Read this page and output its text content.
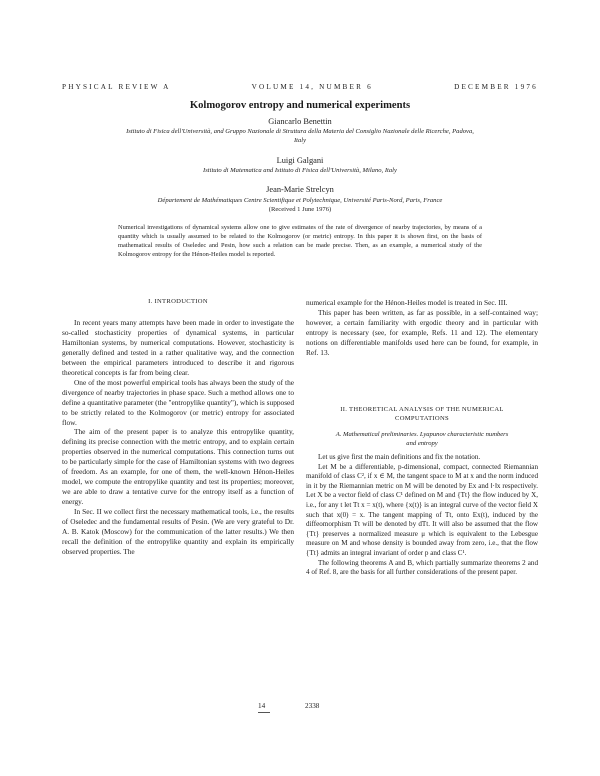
PHYSICAL REVIEW A	VOLUME 14, NUMBER 6	DECEMBER 1976
Kolmogorov entropy and numerical experiments
Giancarlo Benettin
Istituto di Fisica dell'Università, and Gruppo Nazionale di Struttura della Materia del Consiglio Nazionale delle Ricerche, Padova, Italy
Luigi Galgani
Istituto di Matematica and Istituto di Fisica dell'Università, Milano, Italy
Jean-Marie Strelcyn
Département de Mathématiques Centre Scientifique et Polytechnique, Université Paris-Nord, Paris, France
(Received 1 June 1976)
Numerical investigations of dynamical systems allow one to give estimates of the rate of divergence of nearby trajectories, by means of a quantity which is usually assumed to be related to the Kolmogorov (or metric) entropy. In this paper it is shown first, on the basis of mathematical results of Oseledec and Pesin, how such a relation can be made precise. Then, as an example, a numerical study of the Kolmogorov entropy for the Hénon-Heiles model is reported.
I. INTRODUCTION

In recent years many attempts have been made in order to investigate the so-called stochasticity properties of dynamical systems, in particular Hamiltonian systems, by numerical computations. However, stochasticity is generally defined and tested in a rather qualitative way, and the connection between the empirical parameters introduced to describe it and rigorous theoretical concepts is far from being clear.

One of the most powerful empirical tools has always been the study of the divergence of nearby trajectories in phase space. Such a method allows one to define a quantitative parameter (the "entropylike quantity"), which is supposed to be strictly related to the Kolmogorov (or metric) entropy for associated flow.

The aim of the present paper is to analyze this entropylike quantity, defining its precise connection with the metric entropy, and to explain certain properties observed in the numerical computations. This connection turns out to be particularly simple for the case of Hamiltonian systems with two degrees of freedom. As an example, for one of them, the well-known Hénon-Heiles model, we compute the entropylike quantity and test its properties; moreover, we are able to draw a tentative curve for the entropy itself as a function of energy.

In Sec. II we collect first the necessary mathematical tools, i.e., the results of Oseledec and the fundamental results of Pesin. (We are very grateful to Dr. A. B. Katok (Moscow) for the communication of the latter results.) We then recall the definition of the entropylike quantity and explain its empirically observed properties. The

numerical example for the Hénon-Heiles model is treated in Sec. III.

This paper has been written, as far as possible, in a self-contained way; however, a certain familiarity with ergodic theory and in particular with entropy is necessary (see, for example, Refs. 11 and 12). The elementary notions on differentiable manifolds used here can be found, for example, in Ref. 13.

II. THEORETICAL ANALYSIS OF THE NUMERICAL COMPUTATIONS
A. Mathematical preliminaries. Lyapunov characteristic numbers and entropy

Let us give first the main definitions and fix the notation.

Let M be a differentiable, p-dimensional, compact, connected Riemannian manifold of class C², if x ∈ M, the tangent space to M at x and the norm induced in it by the Riemannian metric on M will be denoted by Ex and ‖·‖x respectively. Let X be a vector field of class C¹ defined on M and {Tt} the flow induced by X, i.e., for any t let Tt x = x(t), where {x(t)} is an integral curve of the vector field X such that x(0) = x. The tangent mapping of Tt, onto Ex(t), induced by the diffeomorphism Tt will be denoted by dTt. It will also be assumed that the flow {Tt} preserves a normalized measure μ which is equivalent to the Lebesgue measure on M and whose density is bounded away from zero, i.e., that the flow {Tt} admits an integral invariant of order p and class C¹.

The following theorems A and B, which partially summarize theorems 2 and 4 of Ref. 8, are the basis for all further considerations of the present paper.

14	2338
